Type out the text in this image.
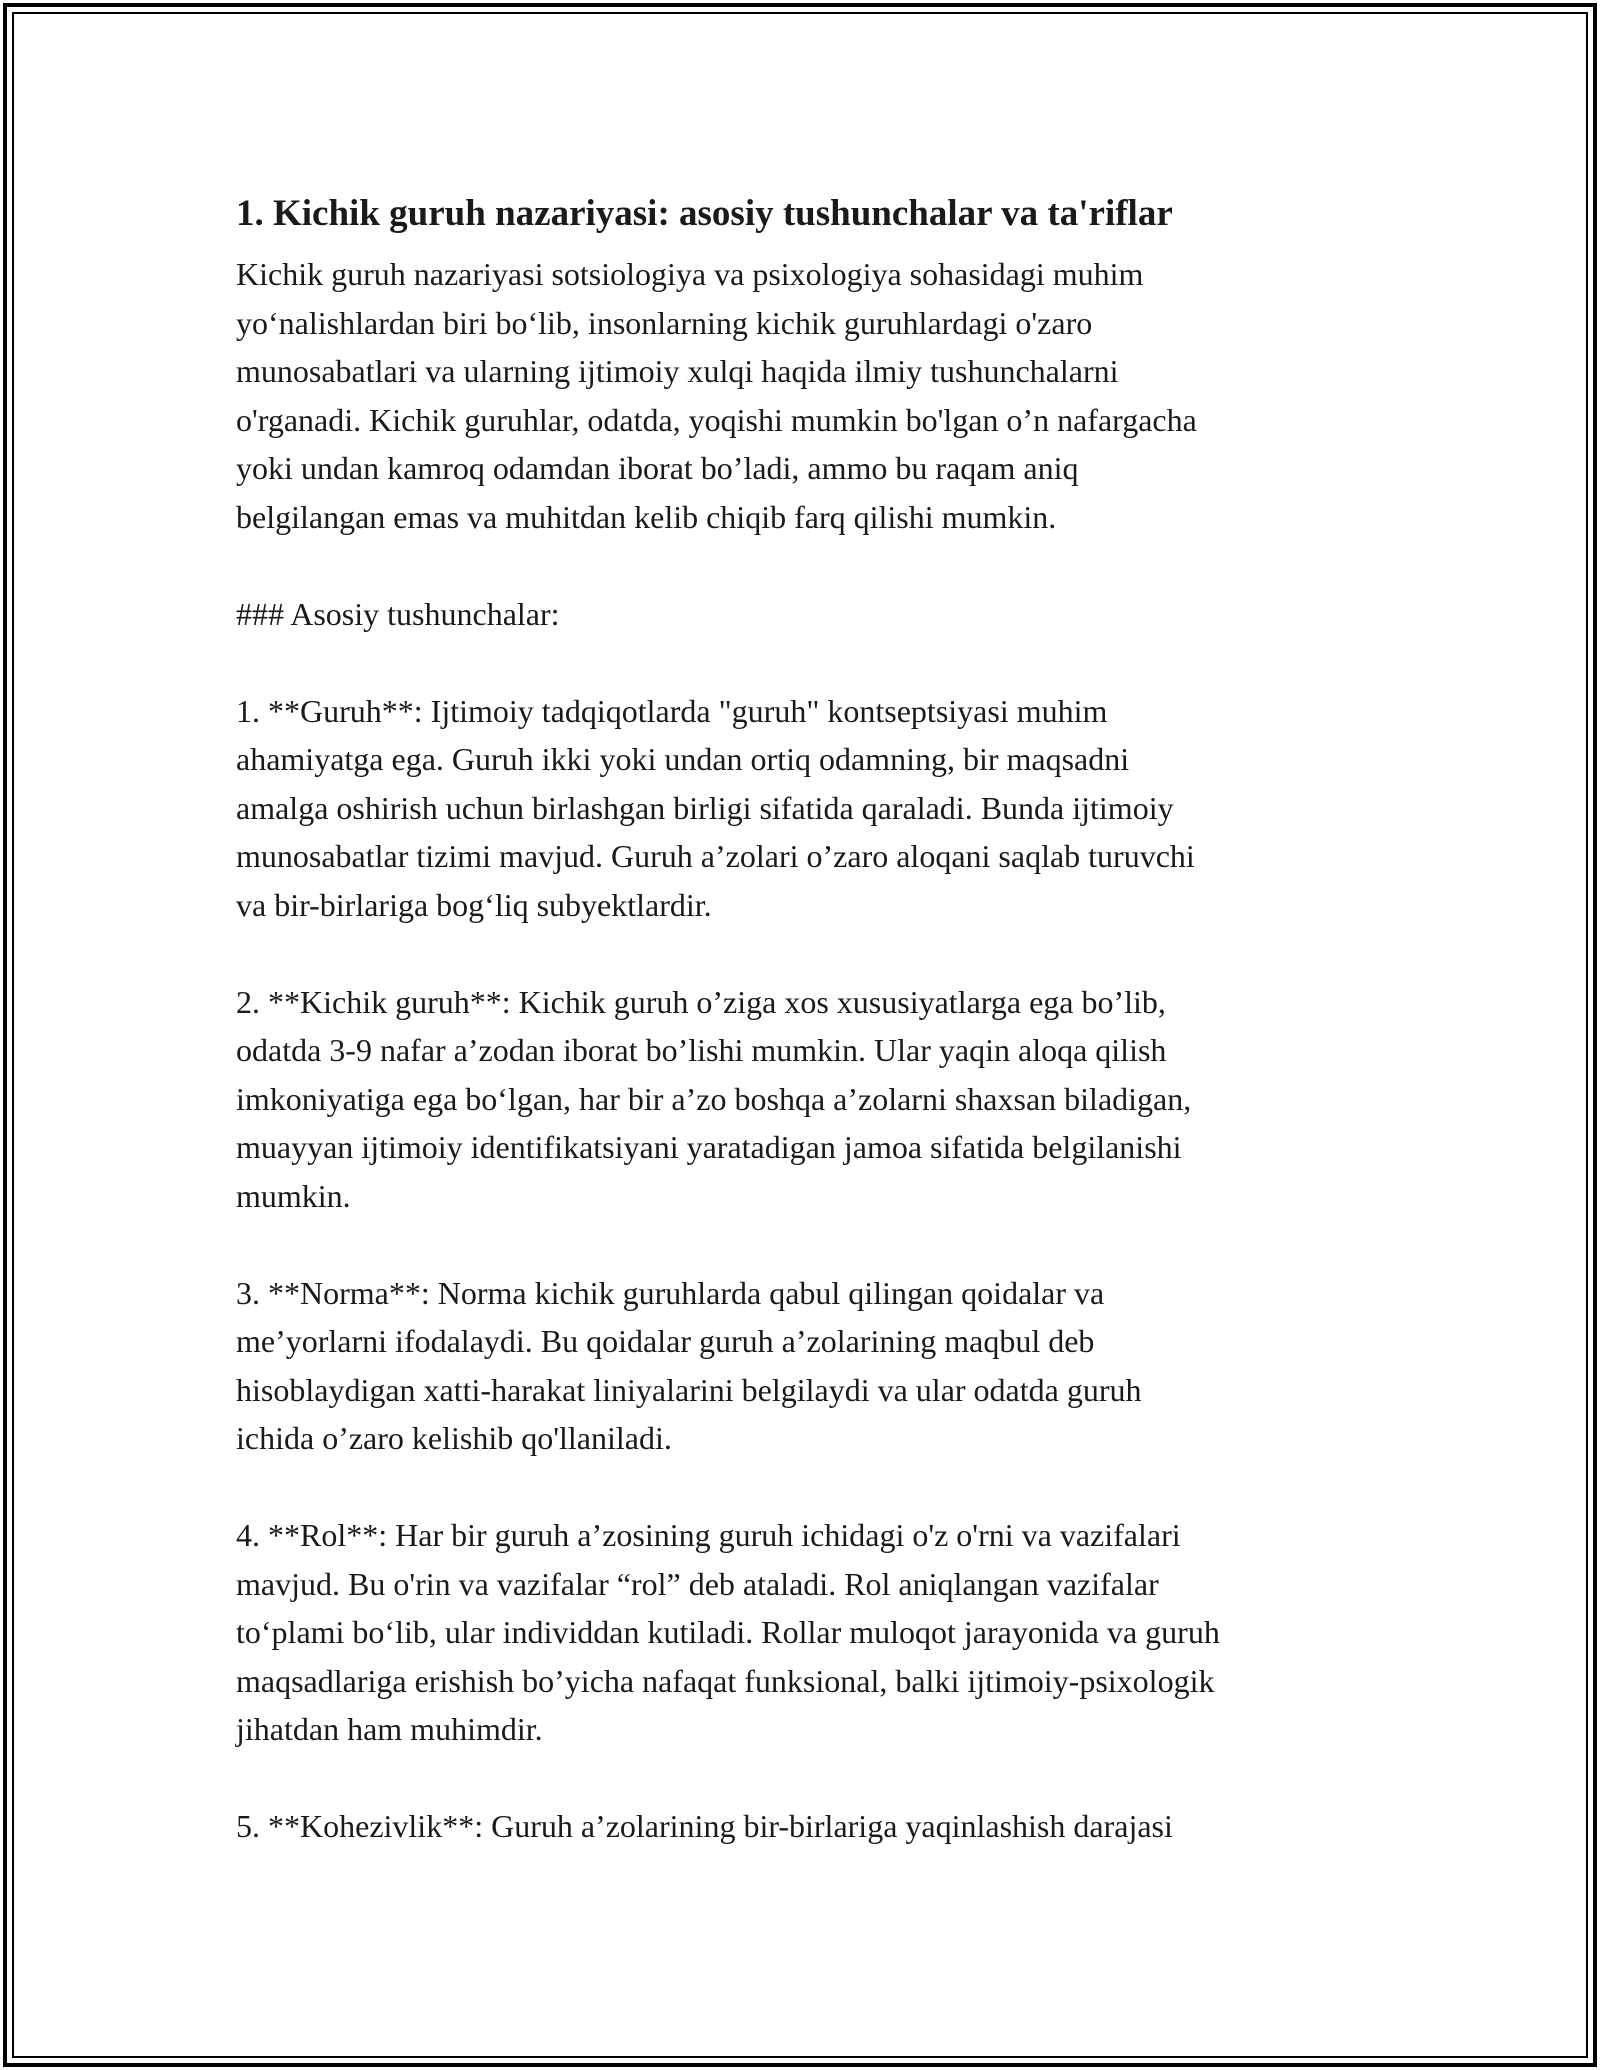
1. Kichik guruh nazariyasi: asosiy tushunchalar va ta'riflar
Kichik guruh nazariyasi sotsiologiya va psixologiya sohasidagi muhim
yo‘nalishlardan biri bo‘lib, insonlarning kichik guruhlardagi o'zaro
munosabatlari va ularning ijtimoiy xulqi haqida ilmiy tushunchalarni
o'rganadi. Kichik guruhlar, odatda, yoqishi mumkin bo'lgan o’n nafargacha
yoki undan kamroq odamdan iborat bo’ladi, ammo bu raqam aniq
belgilangan emas va muhitdan kelib chiqib farq qilishi mumkin.
### Asosiy tushunchalar:
1. **Guruh**: Ijtimoiy tadqiqotlarda "guruh" kontseptsiyasi muhim
ahamiyatga ega. Guruh ikki yoki undan ortiq odamning, bir maqsadni
amalga oshirish uchun birlashgan birligi sifatida qaraladi. Bunda ijtimoiy
munosabatlar tizimi mavjud. Guruh a’zolari o’zaro aloqani saqlab turuvchi
va bir-birlariga bog‘liq subyektlardir.
2. **Kichik guruh**: Kichik guruh o’ziga xos xususiyatlarga ega bo’lib,
odatda 3-9 nafar a’zodan iborat bo’lishi mumkin. Ular yaqin aloqa qilish
imkoniyatiga ega bo‘lgan, har bir a’zo boshqa a’zolarni shaxsan biladigan,
muayyan ijtimoiy identifikatsiyani yaratadigan jamoa sifatida belgilanishi
mumkin.
3. **Norma**: Norma kichik guruhlarda qabul qilingan qoidalar va
me’yorlarni ifodalaydi. Bu qoidalar guruh a’zolarining maqbul deb
hisoblaydigan xatti-harakat liniyalarini belgilaydi va ular odatda guruh
ichida o’zaro kelishib qo'llaniladi.
4. **Rol**: Har bir guruh a’zosining guruh ichidagi o'z o'rni va vazifalari
mavjud. Bu o'rin va vazifalar “rol” deb ataladi. Rol aniqlangan vazifalar
to‘plami bo‘lib, ular individdan kutiladi. Rollar muloqot jarayonida va guruh
maqsadlariga erishish bo’yicha nafaqat funksional, balki ijtimoiy-psixologik
jihatdan ham muhimdir.
5. **Kohezivlik**: Guruh a’zolarining bir-birlariga yaqinlashish darajasi
